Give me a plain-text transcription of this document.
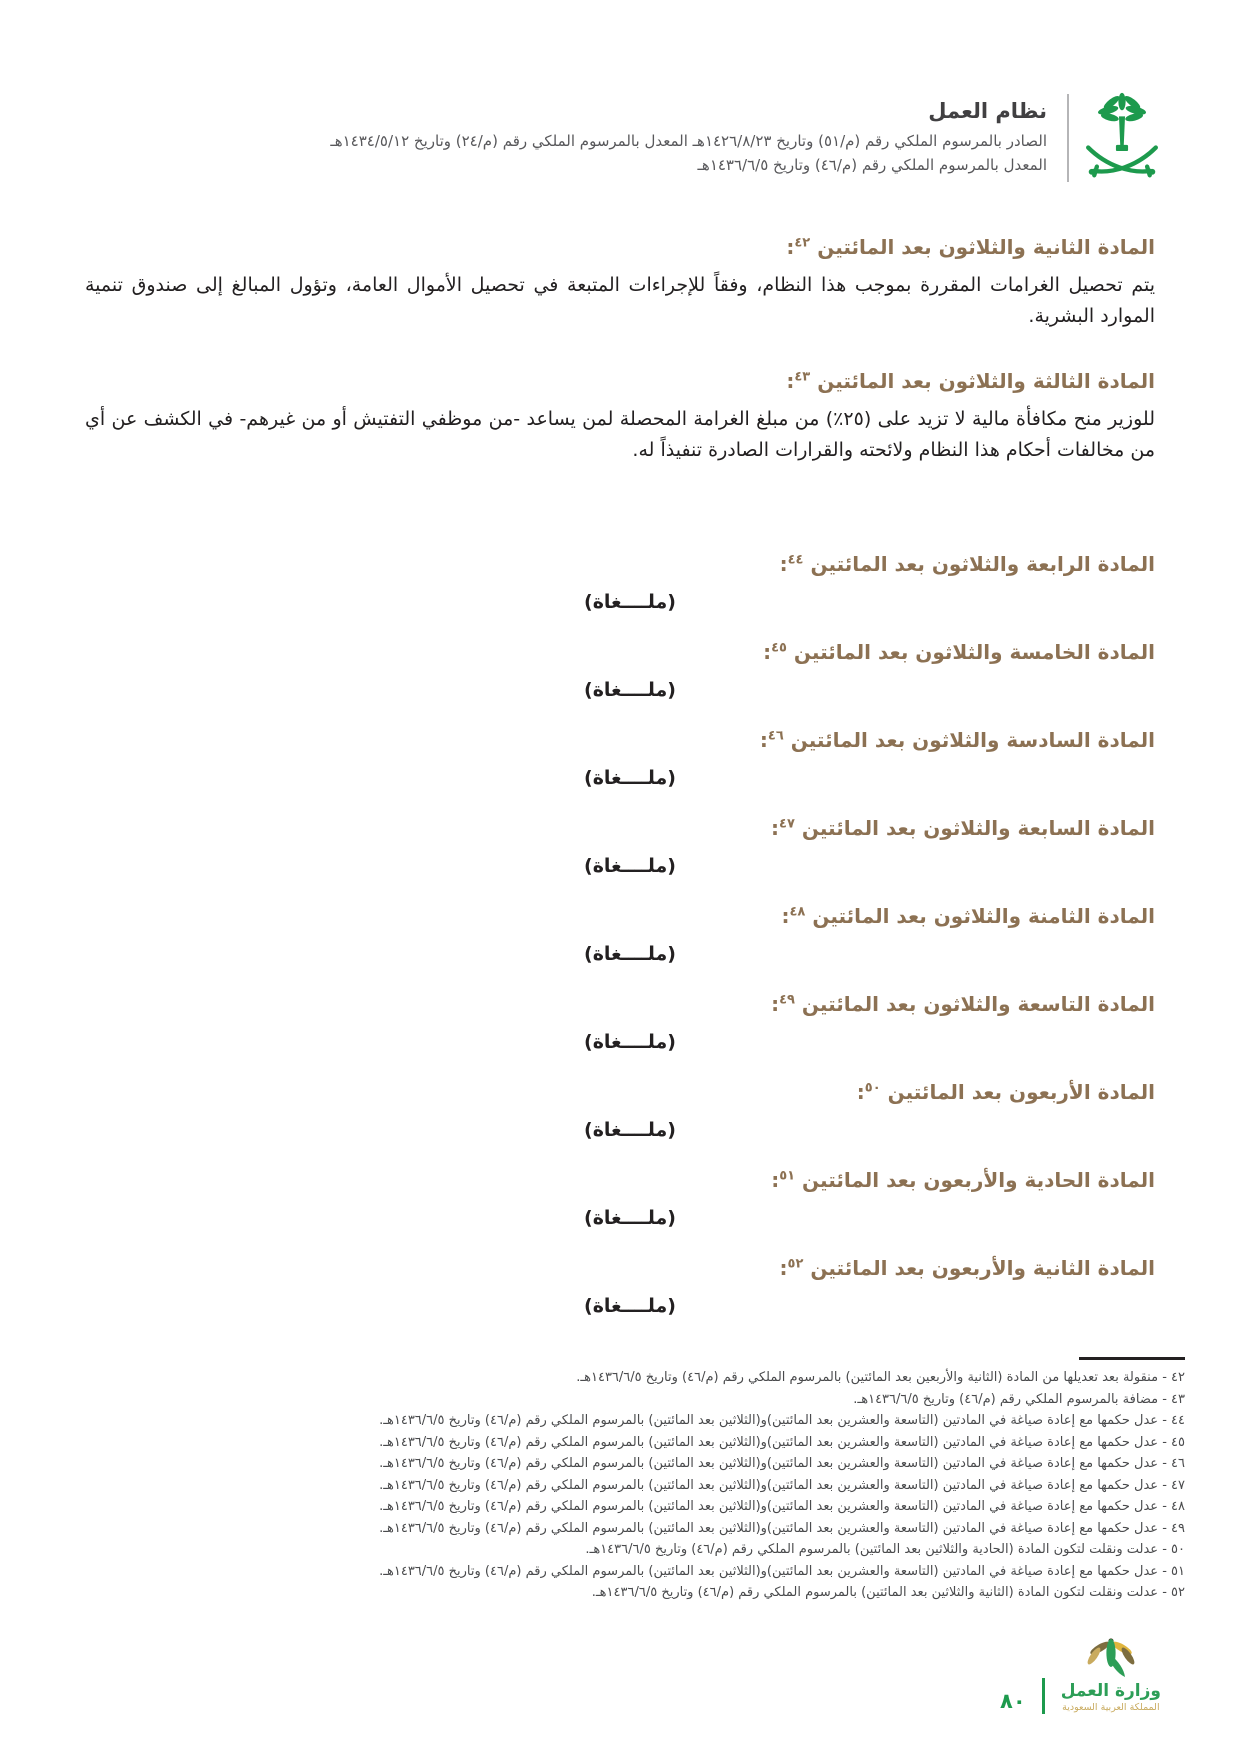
نظام العمل
الصادر بالمرسوم الملكي رقم (م/٥١) وتاريخ ١٤٢٦/٨/٢٣هـ المعدل بالمرسوم الملكي رقم (م/٢٤) وتاريخ ١٤٣٤/٥/١٢هـ
المعدل بالمرسوم الملكي رقم (م/٤٦) وتاريخ ١٤٣٦/٦/٥هـ
المادة الثانية والثلاثون بعد المائتين $^{٤٢}$:

يتم تحصيل الغرامات المقررة بموجب هذا النظام، وفقاً للإجراءات المتبعة في تحصيل الأموال العامة، وتؤول المبالغ إلى صندوق تنمية الموارد البشرية.

المادة الثالثة والثلاثون بعد المائتين $^{٤٣}$:

للوزير منح مكافأة مالية لا تزيد على (٢٥٪) من مبلغ الغرامة المحصلة لمن يساعد -من موظفي التفتيش أو من غيرهم- في الكشف عن أي من مخالفات أحكام هذا النظام ولائحته والقرارات الصادرة تنفيذاً له.

المادة الرابعة والثلاثون بعد المائتين $^{٤٤}$:
(ملــــغاة)
المادة الخامسة والثلاثون بعد المائتين $^{٤٥}$:
(ملــــغاة)
المادة السادسة والثلاثون بعد المائتين $^{٤٦}$:
(ملــــغاة)
المادة السابعة والثلاثون بعد المائتين $^{٤٧}$:
(ملــــغاة)
المادة الثامنة والثلاثون بعد المائتين $^{٤٨}$:
(ملــــغاة)
المادة التاسعة والثلاثون بعد المائتين $^{٤٩}$:
(ملــــغاة)
المادة الأربعون بعد المائتين $^{٥٠}$:
(ملــــغاة)
المادة الحادية والأربعون بعد المائتين $^{٥١}$:
(ملــــغاة)
المادة الثانية والأربعون بعد المائتين $^{٥٢}$:
(ملــــغاة)
٤٢ - منقولة بعد تعديلها من المادة (الثانية والأربعين بعد المائتين) بالمرسوم الملكي رقم (م/٤٦) وتاريخ ١٤٣٦/٦/٥هـ.
٤٣ - مضافة بالمرسوم الملكي رقم (م/٤٦) وتاريخ ١٤٣٦/٦/٥هـ.
٤٤ - عدل حكمها مع إعادة صياغة في المادتين (التاسعة والعشرين بعد المائتين)و(الثلاثين بعد المائتين) بالمرسوم الملكي رقم (م/٤٦) وتاريخ ١٤٣٦/٦/٥هـ.
٤٥ - عدل حكمها مع إعادة صياغة في المادتين (التاسعة والعشرين بعد المائتين)و(الثلاثين بعد المائتين) بالمرسوم الملكي رقم (م/٤٦) وتاريخ ١٤٣٦/٦/٥هـ.
٤٦ - عدل حكمها مع إعادة صياغة في المادتين (التاسعة والعشرين بعد المائتين)و(الثلاثين بعد المائتين) بالمرسوم الملكي رقم (م/٤٦) وتاريخ ١٤٣٦/٦/٥هـ.
٤٧ - عدل حكمها مع إعادة صياغة في المادتين (التاسعة والعشرين بعد المائتين)و(الثلاثين بعد المائتين) بالمرسوم الملكي رقم (م/٤٦) وتاريخ ١٤٣٦/٦/٥هـ.
٤٨ - عدل حكمها مع إعادة صياغة في المادتين (التاسعة والعشرين بعد المائتين)و(الثلاثين بعد المائتين) بالمرسوم الملكي رقم (م/٤٦) وتاريخ ١٤٣٦/٦/٥هـ.
٤٩ - عدل حكمها مع إعادة صياغة في المادتين (التاسعة والعشرين بعد المائتين)و(الثلاثين بعد المائتين) بالمرسوم الملكي رقم (م/٤٦) وتاريخ ١٤٣٦/٦/٥هـ.
٥٠ - عدلت ونقلت لتكون المادة (الحادية والثلاثين بعد المائتين) بالمرسوم الملكي رقم (م/٤٦) وتاريخ ١٤٣٦/٦/٥هـ.
٥١ - عدل حكمها مع إعادة صياغة في المادتين (التاسعة والعشرين بعد المائتين)و(الثلاثين بعد المائتين) بالمرسوم الملكي رقم (م/٤٦) وتاريخ ١٤٣٦/٦/٥هـ.
٥٢ - عدلت ونقلت لتكون المادة (الثانية والثلاثين بعد المائتين) بالمرسوم الملكي رقم (م/٤٦) وتاريخ ١٤٣٦/٦/٥هـ.
وزارة العمل
المملكة العربية السعودية
٨٠
